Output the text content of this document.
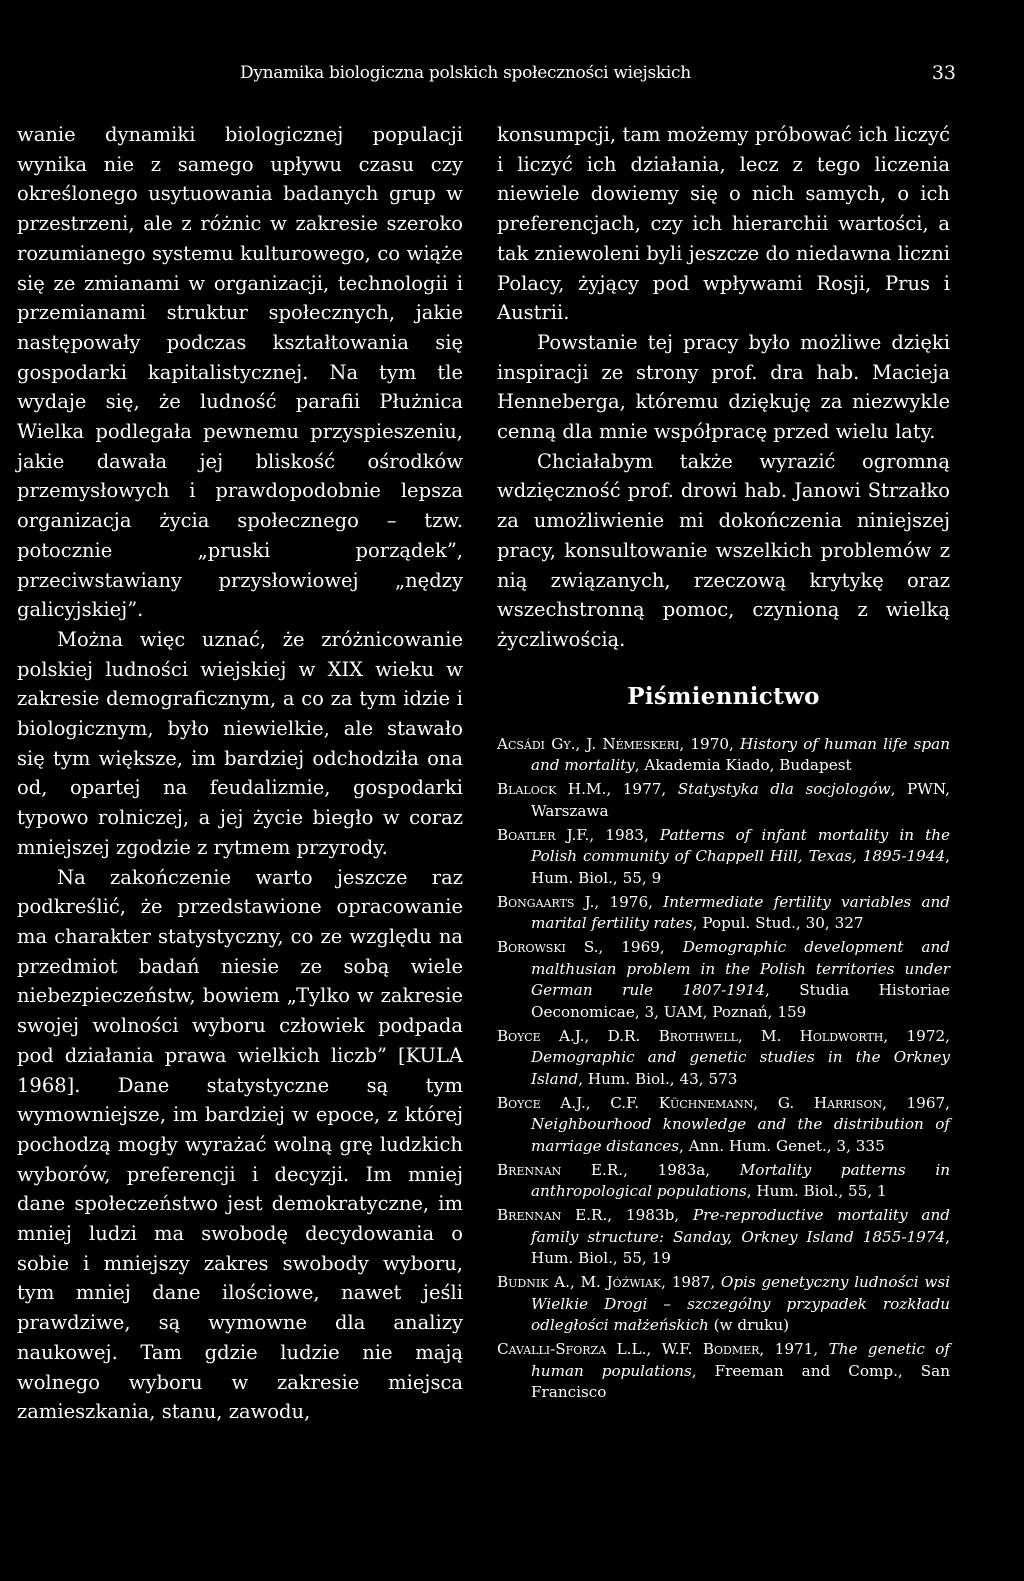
Dynamika biologiczna polskich społeczności wiejskich	33

wanie dynamiki biologicznej populacji wynika nie z samego upływu czasu czy określonego usytuowania badanych grup w przestrzeni, ale z różnic w zakresie szeroko rozumianego systemu kulturowego, co wiąże się ze zmianami w organizacji, technologii i przemianami struktur społecznych, jakie następowały podczas kształtowania się gospodarki kapitalistycznej. Na tym tle wydaje się, że ludność parafii Płużnica Wielka podlegała pewnemu przyspieszeniu, jakie dawała jej bliskość ośrodków przemysłowych i prawdopodobnie lepsza organizacja życia społecznego – tzw. potocznie „pruski porządek”, przeciwstawiany przysłowiowej „nędzy galicyjskiej”.

Można więc uznać, że zróżnicowanie polskiej ludności wiejskiej w XIX wieku w zakresie demograficznym, a co za tym idzie i biologicznym, było niewielkie, ale stawało się tym większe, im bardziej odchodziła ona od, opartej na feudalizmie, gospodarki typowo rolniczej, a jej życie biegło w coraz mniejszej zgodzie z rytmem przyrody.

Na zakończenie warto jeszcze raz podkreślić, że przedstawione opracowanie ma charakter statystyczny, co ze względu na przedmiot badań niesie ze sobą wiele niebezpieczeństw, bowiem „Tylko w zakresie swojej wolności wyboru człowiek podpada pod działania prawa wielkich liczb” [KULA 1968]. Dane statystyczne są tym wymowniejsze, im bardziej w epoce, z której pochodzą mogły wyrażać wolną grę ludzkich wyborów, preferencji i decyzji. Im mniej dane społeczeństwo jest demokratyczne, im mniej ludzi ma swobodę decydowania o sobie i mniejszy zakres swobody wyboru, tym mniej dane ilościowe, nawet jeśli prawdziwe, są wymowne dla analizy naukowej. Tam gdzie ludzie nie mają wolnego wyboru w zakresie miejsca zamieszkania, stanu, zawodu,

konsumpcji, tam możemy próbować ich liczyć i liczyć ich działania, lecz z tego liczenia niewiele dowiemy się o nich samych, o ich preferencjach, czy ich hierarchii wartości, a tak zniewoleni byli jeszcze do niedawna liczni Polacy, żyjący pod wpływami Rosji, Prus i Austrii.

Powstanie tej pracy było możliwe dzięki inspiracji ze strony prof. dra hab. Macieja Henneberga, któremu dziękuję za niezwykle cenną dla mnie współpracę przed wielu laty.

Chciałabym także wyrazić ogromną wdzięczność prof. drowi hab. Janowi Strzałko za umożliwienie mi dokończenia niniejszej pracy, konsultowanie wszelkich problemów z nią związanych, rzeczową krytykę oraz wszechstronną pomoc, czynioną z wielką życzliwością.

Piśmiennictwo
Acsádi Gy., J. Némeskeri, 1970, History of human life span and mortality, Akademia Kiado, Budapest
Blalock H.M., 1977, Statystyka dla socjologów, PWN, Warszawa
Boatler J.F., 1983, Patterns of infant mortality in the Polish community of Chappell Hill, Texas, 1895-1944, Hum. Biol., 55, 9
Bongaarts J., 1976, Intermediate fertility variables and marital fertility rates, Popul. Stud., 30, 327
Borowski S., 1969, Demographic development and malthusian problem in the Polish territories under German rule 1807-1914, Studia Historiae Oeconomicae, 3, UAM, Poznań, 159
Boyce A.J., D.R. Brothwell, M. Holdworth, 1972, Demographic and genetic studies in the Orkney Island, Hum. Biol., 43, 573
Boyce A.J., C.F. Küchnemann, G. Harrison, 1967, Neighbourhood knowledge and the distribution of marriage distances, Ann. Hum. Genet., 3, 335
Brennan E.R., 1983a, Mortality patterns in anthropological populations, Hum. Biol., 55, 1
Brennan E.R., 1983b, Pre-reproductive mortality and family structure: Sanday, Orkney Island 1855-1974, Hum. Biol., 55, 19
Budnik A., M. Jóźwiak, 1987, Opis genetyczny ludności wsi Wielkie Drogi – szczególny przypadek rozkładu odległości małżeńskich (w druku)
Cavalli-Sforza L.L., W.F. Bodmer, 1971, The genetic of human populations, Freeman and Comp., San Francisco
